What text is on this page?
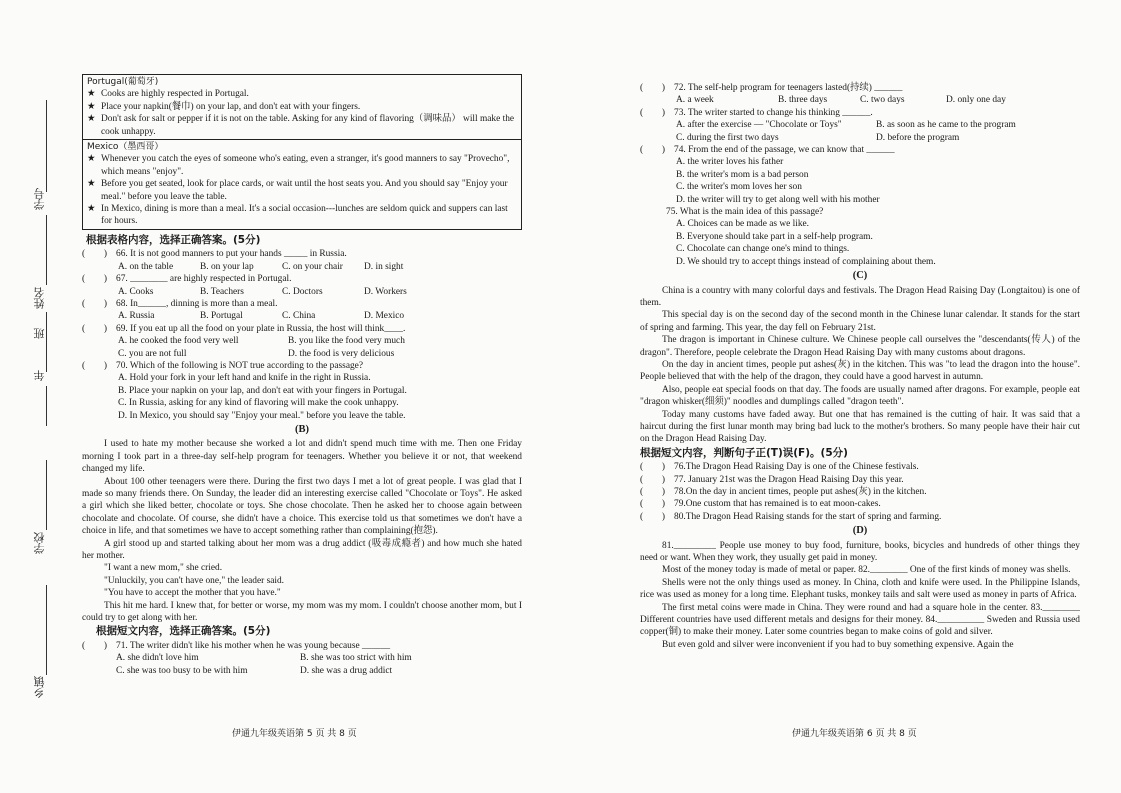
学号
姓名
班
年
学校
乡镇
Portugal(葡萄牙)
★ Cooks are highly respected in Portugal.
★ Place your napkin(餐巾) on your lap, and don't eat with your fingers.
★ Don't ask for salt or pepper if it is not on the table. Asking for any kind of flavoring（调味品） will make the cook unhappy.
Mexico（墨西哥）
★ Whenever you catch the eyes of someone who's eating, even a stranger, it's good manners to say "Provecho", which means "enjoy".
★ Before you get seated, look for place cards, or wait until the host seats you. And you should say "Enjoy your meal." before you leave the table.
★ In Mexico, dining is more than a meal. It's a social occasion---lunches are seldom quick and suppers can last for hours.
根据表格内容，选择正确答案。(5分)
(　　) 66. It is not good manners to put your hands _____ in Russia.
A. on the table	B. on your lap	C. on your chair	D. in sight
(　　) 67. ________ are highly respected in Portugal.
A. Cooks	B. Teachers	C. Doctors	D. Workers
(　　) 68. In______, dinning is more than a meal.
A. Russia	B. Portugal	C. China	D. Mexico
(　　) 69. If you eat up all the food on your plate in Russia, the host will think____.
A. he cooked the food very well	B. you like the food very much
C. you are not full	D. the food is very delicious
(　　) 70. Which of the following is NOT true according to the passage?
A. Hold your fork in your left hand and knife in the right in Russia.
B. Place your napkin on your lap, and don't eat with your fingers in Portugal.
C. In Russia, asking for any kind of flavoring will make the cook unhappy.
D. In Mexico, you should say "Enjoy your meal." before you leave the table.
(B)

I used to hate my mother because she worked a lot and didn't spend much time with me. Then one Friday morning I took part in a three-day self-help program for teenagers. Whether you believe it or not, that weekend changed my life.

About 100 other teenagers were there. During the first two days I met a lot of great people. I was glad that I made so many friends there. On Sunday, the leader did an interesting exercise called "Chocolate or Toys". He asked a girl which she liked better, chocolate or toys. She chose chocolate. Then he asked her to choose again between chocolate and chocolate. Of course, she didn't have a choice. This exercise told us that sometimes we don't have a choice in life, and that sometimes we have to accept something rather than complaining(抱怨).

A girl stood up and started talking about her mom was a drug addict (吸毒成瘾者) and how much she hated her mother.

"I want a new mom," she cried.

"Unluckily, you can't have one," the leader said.

"You have to accept the mother that you have."

This hit me hard. I knew that, for better or worse, my mom was my mom. I couldn't choose another mom, but I could try to get along with her.

根据短文内容，选择正确答案。(5分)
(　　) 71. The writer didn't like his mother when he was young because ______
A. she didn't love him	B. she was too strict with him
C. she was too busy to be with him	D. she was a drug addict
伊通九年级英语第 5 页 共 8 页
(　　) 72. The self-help program for teenagers lasted(持续) ______
A. a week	B. three days	C. two days	D. only one day
(　　) 73. The writer started to change his thinking ______.
A. after the exercise — "Chocolate or Toys"	B. as soon as he came to the program
C. during the first two days	D. before the program
(　　) 74. From the end of the passage, we can know that ______
A. the writer loves his father
B. the writer's mom is a bad person
C. the writer's mom loves her son
D. the writer will try to get along well with his mother
75. What is the main idea of this passage?
A. Choices can be made as we like.
B. Everyone should take part in a self-help program.
C. Chocolate can change one's mind to things.
D. We should try to accept things instead of complaining about them.
(C)

China is a country with many colorful days and festivals. The Dragon Head Raising Day (Longtaitou) is one of them.

This special day is on the second day of the second month in the Chinese lunar calendar. It stands for the start of spring and farming. This year, the day fell on February 21st.

The dragon is important in Chinese culture. We Chinese people call ourselves the "descendants(传人) of the dragon". Therefore, people celebrate the Dragon Head Raising Day with many customs about dragons.

On the day in ancient times, people put ashes(灰) in the kitchen. This was "to lead the dragon into the house". People believed that with the help of the dragon, they could have a good harvest in autumn.

Also, people eat special foods on that day. The foods are usually named after dragons. For example, people eat "dragon whisker(细须)" noodles and dumplings called "dragon teeth".

Today many customs have faded away. But one that has remained is the cutting of hair. It was said that a haircut during the first lunar month may bring bad luck to the mother's brothers. So many people have their hair cut on the Dragon Head Raising Day.

根据短文内容，判断句子正(T)误(F)。(5分)
(　　) 76.The Dragon Head Raising Day is one of the Chinese festivals.
(　　) 77. January 21st was the Dragon Head Raising Day this year.
(　　) 78.On the day in ancient times, people put ashes(灰) in the kitchen.
(　　) 79.One custom that has remained is to eat moon-cakes.
(　　) 80.The Dragon Head Raising stands for the start of spring and farming.
(D)

81._________ People use money to buy food, furniture, books, bicycles and hundreds of other things they need or want. When they work, they usually get paid in money.

Most of the money today is made of metal or paper. 82.________ One of the first kinds of money was shells.

Shells were not the only things used as money. In China, cloth and knife were used. In the Philippine Islands, rice was used as money for a long time. Elephant tusks, monkey tails and salt were used as money in parts of Africa.

The first metal coins were made in China. They were round and had a square hole in the center. 83.________ Different countries have used different metals and designs for their money. 84.__________ Sweden and Russia used copper(铜) to make their money. Later some countries began to make coins of gold and silver.

But even gold and silver were inconvenient if you had to buy something expensive. Again the

伊通九年级英语第 6 页 共 8 页
